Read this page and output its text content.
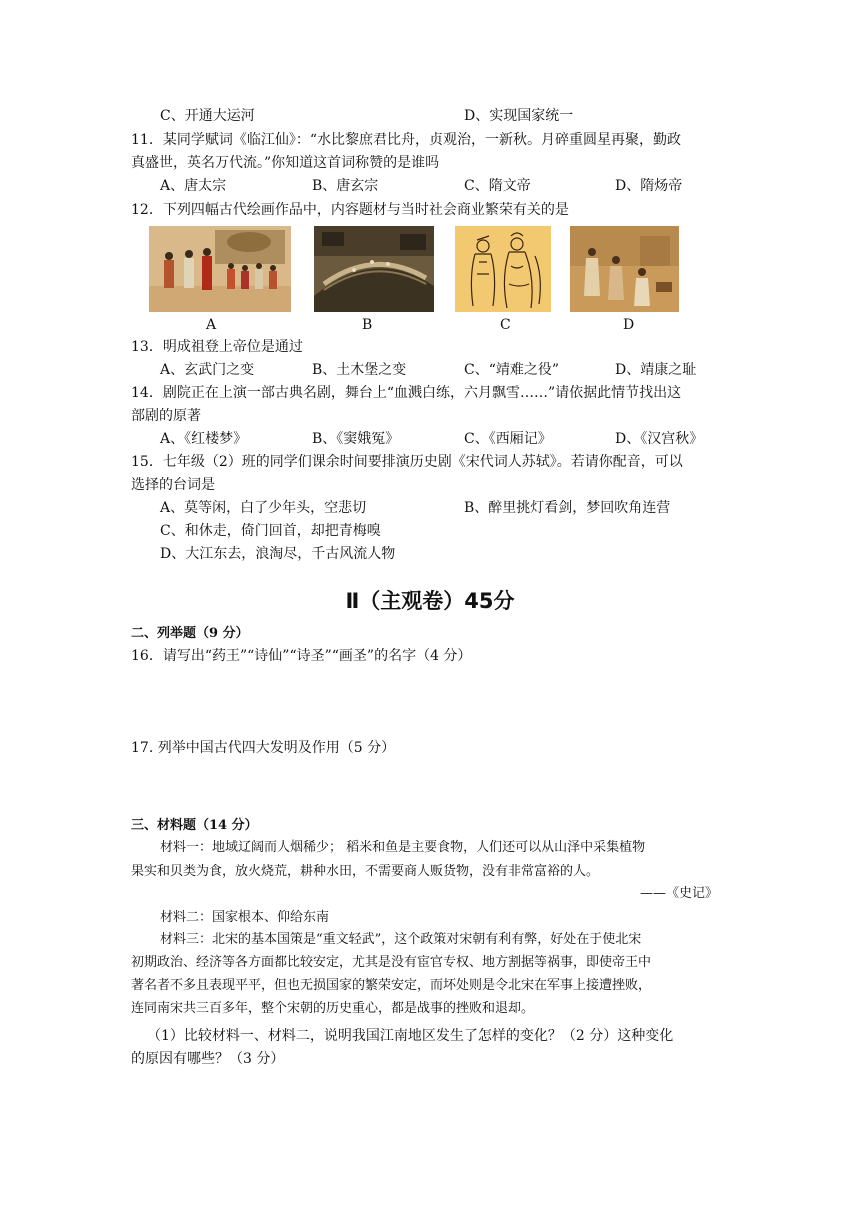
C、开通大运河	D、实现国家统一
11．某同学赋词《临江仙》：“水比黎庶君比舟，贞观治，一新秋。月碎重圆星再聚，勤政
真盛世，英名万代流。”你知道这首词称赞的是谁吗
A、唐太宗	B、唐玄宗	C、隋文帝	D、隋炀帝
12．下列四幅古代绘画作品中，内容题材与当时社会商业繁荣有关的是
A	B	C	D
13．明成祖登上帝位是通过
A、玄武门之变	B、土木堡之变	C、“靖难之役”	D、靖康之耻
14．剧院正在上演一部古典名剧，舞台上“血溅白练，六月飘雪……”请依据此情节找出这
部剧的原著
A、《红楼梦》	B、《窦娥冤》	C、《西厢记》	D、《汉宫秋》
15．七年级（2）班的同学们课余时间要排演历史剧《宋代词人苏轼》。若请你配音，可以
选择的台词是
A、莫等闲，白了少年头，空悲切	B、醉里挑灯看剑，梦回吹角连营
C、和休走，倚门回首，却把青梅嗅
D、大江东去，浪淘尽，千古风流人物
Ⅱ（主观卷）45分
二、列举题（9 分）
16．请写出“药王”“诗仙”“诗圣”“画圣”的名字（4 分）
17. 列举中国古代四大发明及作用（5 分）
三、材料题（14 分）
材料一：地域辽阔而人烟稀少； 稻米和鱼是主要食物，人们还可以从山泽中采集植物
果实和贝类为食，放火烧荒，耕种水田，不需要商人贩货物，没有非常富裕的人。
——《史记》
材料二：国家根本、仰给东南
材料三：北宋的基本国策是“重文轻武”，这个政策对宋朝有利有弊，好处在于使北宋
初期政治、经济等各方面都比较安定，尤其是没有宦官专权、地方割据等祸事，即使帝王中
著名者不多且表现平平，但也无损国家的繁荣安定，而坏处则是令北宋在军事上接遭挫败，
连同南宋共三百多年，整个宋朝的历史重心，都是战事的挫败和退却。
（1）比较材料一、材料二，说明我国江南地区发生了怎样的变化？（2 分）这种变化
的原因有哪些？（3 分）
